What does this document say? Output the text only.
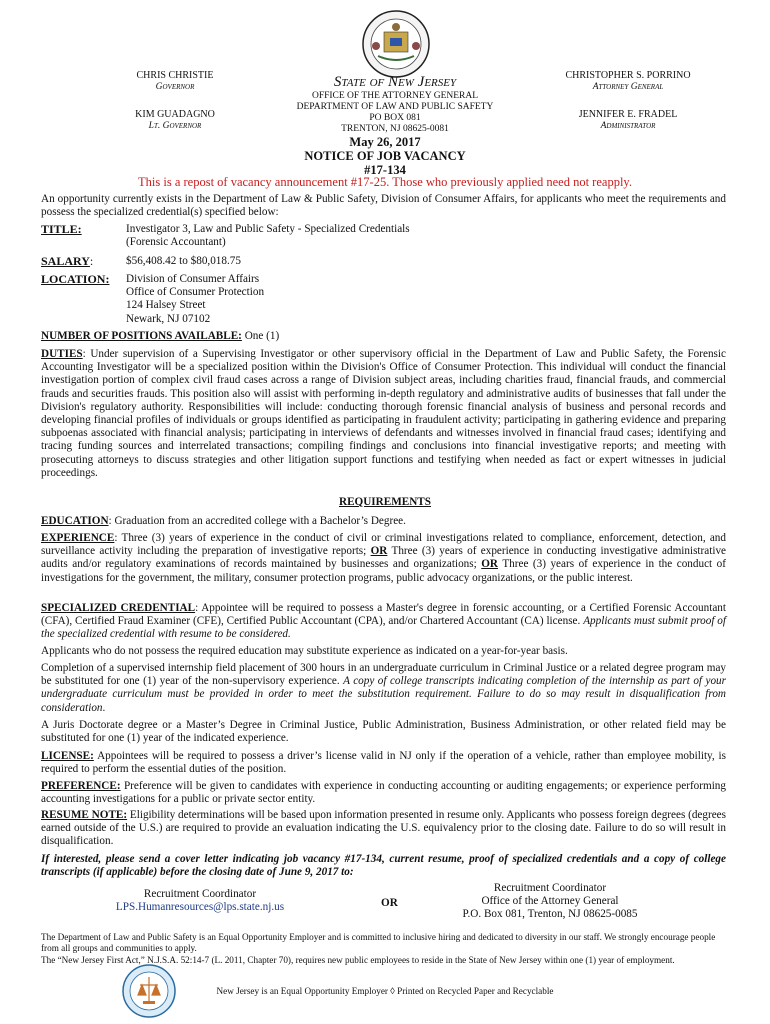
CHRIS CHRISTIE
Governor
KIM GUADAGNO
Lt. Governor
State of New Jersey
OFFICE OF THE ATTORNEY GENERAL
DEPARTMENT OF LAW AND PUBLIC SAFETY
PO BOX 081
TRENTON, NJ 08625-0081
CHRISTOPHER S. PORRINO
Attorney General
JENNIFER E. FRADEL
Administrator
May 26, 2017
NOTICE OF JOB VACANCY
#17-134
This is a repost of vacancy announcement #17-25. Those who previously applied need not reapply.
An opportunity currently exists in the Department of Law & Public Safety, Division of Consumer Affairs, for applicants who meet the requirements and possess the specialized credential(s) specified below:
TITLE:	Investigator 3, Law and Public Safety - Specialized Credentials
(Forensic Accountant)
SALARY:	$56,408.42 to $80,018.75
LOCATION: Division of Consumer Affairs
Office of Consumer Protection
124 Halsey Street
Newark, NJ 07102
NUMBER OF POSITIONS AVAILABLE: One (1)
DUTIES: Under supervision of a Supervising Investigator or other supervisory official in the Department of Law and Public Safety, the Forensic Accounting Investigator will be a specialized position within the Division's Office of Consumer Protection. This individual will conduct the financial investigation portion of complex civil fraud cases across a range of Division subject areas, including charities fraud, financial frauds, and commercial frauds and securities frauds. This position also will assist with performing in-depth regulatory and administrative audits of businesses that fall under the Division's regulatory authority. Responsibilities will include: conducting thorough forensic financial analysis of business and personal records and developing financial profiles of individuals or groups identified as participating in fraudulent activity; participating in gathering evidence and preparing subpoenas associated with financial analysis; participating in interviews of defendants and witnesses involved in financial fraud cases; identifying and tracing funding sources and interrelated transactions; compiling findings and conclusions into financial investigative reports; and meeting with prosecuting attorneys to discuss strategies and other litigation support functions and testifying when needed as fact or expert witnesses in judicial proceedings.
REQUIREMENTS
EDUCATION: Graduation from an accredited college with a Bachelor’s Degree.
EXPERIENCE: Three (3) years of experience in the conduct of civil or criminal investigations related to compliance, enforcement, detection, and surveillance activity including the preparation of investigative reports; OR Three (3) years of experience in conducting investigative administrative audits and/or regulatory examinations of records maintained by businesses and organizations; OR Three (3) years of experience in the conduct of investigations for the government, the military, consumer protection programs, public advocacy organizations, or the public interest.
SPECIALIZED CREDENTIAL: Appointee will be required to possess a Master's degree in forensic accounting, or a Certified Forensic Accountant (CFA), Certified Fraud Examiner (CFE), Certified Public Accountant (CPA), and/or Chartered Accountant (CA) license. Applicants must submit proof of the specialized credential with resume to be considered.
Applicants who do not possess the required education may substitute experience as indicated on a year-for-year basis.
Completion of a supervised internship field placement of 300 hours in an undergraduate curriculum in Criminal Justice or a related degree program may be substituted for one (1) year of the non-supervisory experience. A copy of college transcripts indicating completion of the internship as part of your undergraduate curriculum must be provided in order to meet the substitution requirement. Failure to do so may result in disqualification from consideration.
A Juris Doctorate degree or a Master’s Degree in Criminal Justice, Public Administration, Business Administration, or other related field may be substituted for one (1) year of the indicated experience.
LICENSE: Appointees will be required to possess a driver’s license valid in NJ only if the operation of a vehicle, rather than employee mobility, is required to perform the essential duties of the position.
PREFERENCE: Preference will be given to candidates with experience in conducting accounting or auditing engagements; or experience performing accounting investigations for a public or private sector entity.
RESUME NOTE: Eligibility determinations will be based upon information presented in resume only. Applicants who possess foreign degrees (degrees earned outside of the U.S.) are required to provide an evaluation indicating the U.S. equivalency prior to the closing date. Failure to do so will result in disqualification.
If interested, please send a cover letter indicating job vacancy #17-134, current resume, proof of specialized credentials and a copy of college transcripts (if applicable) before the closing date of June 9, 2017 to:
Recruitment Coordinator
LPS.Humanresources@lps.state.nj.us	OR
Recruitment Coordinator
Office of the Attorney General
P.O. Box 081, Trenton, NJ 08625-0085
The Department of Law and Public Safety is an Equal Opportunity Employer and is committed to inclusive hiring and dedicated to diversity in our staff. We strongly encourage people from all groups and communities to apply.
The “New Jersey First Act,” N.J.S.A. 52:14-7 (L. 2011, Chapter 70), requires new public employees to reside in the State of New Jersey within one (1) year of employment.
New Jersey is an Equal Opportunity Employer ◊ Printed on Recycled Paper and Recyclable
